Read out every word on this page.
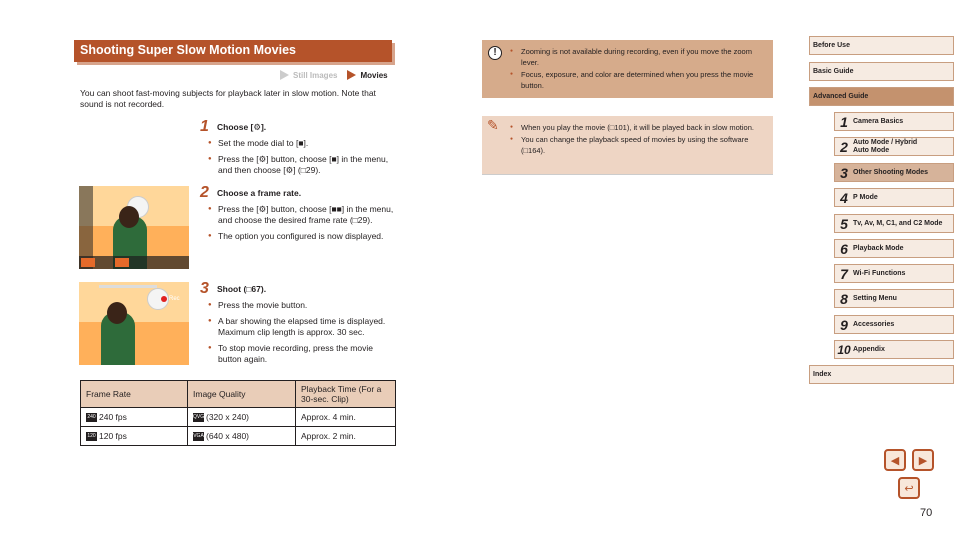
Shooting Super Slow Motion Movies
Still Images	Movies

You can shoot fast-moving subjects for playback later in slow motion. Note that sound is not recorded.

1 Choose [⚙].
● Set the mode dial to [■].
● Press the [⚙] button, choose [■] in the menu, and then choose [⚙] (□29).
2 Choose a frame rate.
● Press the [⚙] button, choose [■■] in the menu, and choose the desired frame rate (□29).
● The option you configured is now displayed.
3 Shoot (□67).
● Press the movie button.
● A bar showing the elapsed time is displayed. Maximum clip length is approx. 30 sec.
● To stop movie recording, press the movie button again.
Rec
Frame Rate	Image Quality	Playback Time (For a 30-sec. Clip)
240 240 fps	QVGA(320 x 240)	Approx. 4 min.
120 120 fps	VGA (640 x 480)	Approx. 2 min.
!	● Zooming is not available during recording, even if you move the zoom lever.
● Focus, exposure, and color are determined when you press the movie button.
✎	● When you play the movie (□101), it will be played back in slow motion.
● You can change the playback speed of movies by using the software (□164).
Before Use
Basic Guide
Advanced Guide
1 Camera Basics
2 Auto Mode / Hybrid Auto Mode
3 Other Shooting Modes
4 P Mode
5 Tv, Av, M, C1, and C2 Mode
6 Playback Mode
7 Wi-Fi Functions
8 Setting Menu
9 Accessories
10 Appendix
Index
◀ ▶
↩
70
